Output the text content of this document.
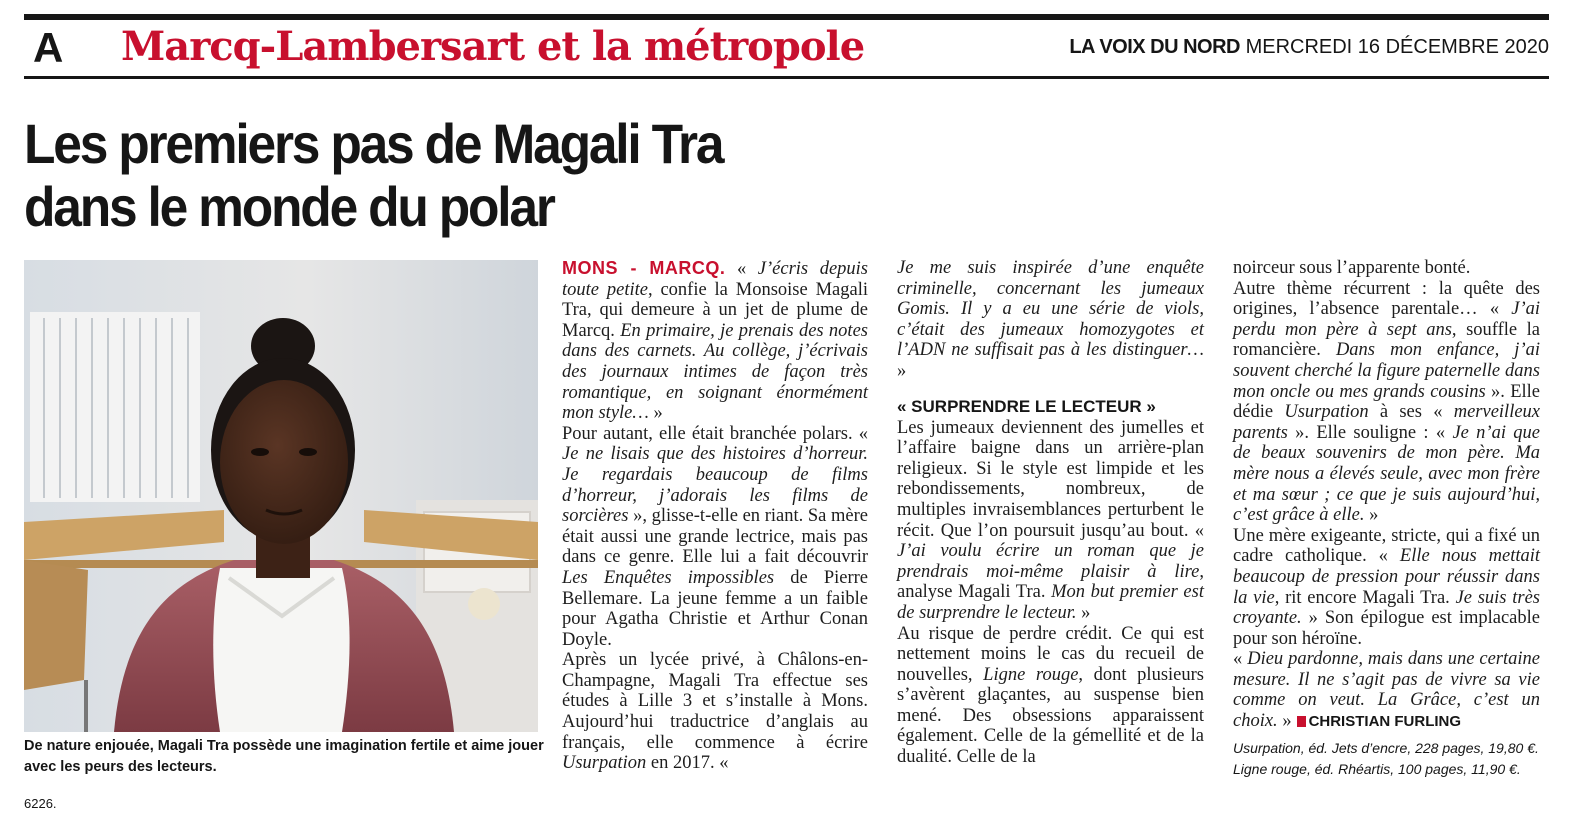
A Marcq-Lambersart et la métropole	LA VOIX DU NORD MERCREDI 16 DÉCEMBRE 2020
Les premiers pas de Magali Tra
dans le monde du polar

De nature enjouée, Magali Tra possède une imagination fertile et aime jouer avec les peurs des lecteurs.

MONS - MARCQ. « J’écris depuis toute petite, confie la Monsoise Magali Tra, qui demeure à un jet de plume de Marcq. En primaire, je prenais des notes dans des carnets. Au collège, j’écrivais des journaux intimes de façon très romantique, en soignant énormément mon style… »

Pour autant, elle était branchée polars. « Je ne lisais que des histoires d’horreur. Je regardais beaucoup de films d’horreur, j’adorais les films de sorcières », glisse-t-elle en riant. Sa mère était aussi une grande lectrice, mais pas dans ce genre. Elle lui a fait découvrir Les Enquêtes impossibles de Pierre Bellemare. La jeune femme a un faible pour Agatha Christie et Arthur Conan Doyle.

Après un lycée privé, à Châlons-en-Champagne, Magali Tra effectue ses études à Lille 3 et s’installe à Mons. Aujourd’hui traductrice d’anglais au français, elle commence à écrire Usurpation en 2017. «

Je me suis inspirée d’une enquête criminelle, concernant les jumeaux Gomis. Il y a eu une série de viols, c’était des jumeaux homozygotes et l’ADN ne suffisait pas à les distinguer… »

« SURPRENDRE LE LECTEUR »

Les jumeaux deviennent des jumelles et l’affaire baigne dans un arrière-plan religieux. Si le style est limpide et les rebondissements, nombreux, de multiples invraisemblances perturbent le récit. Que l’on poursuit jusqu’au bout. « J’ai voulu écrire un roman que je prendrais moi-même plaisir à lire, analyse Magali Tra. Mon but premier est de surprendre le lecteur. »

Au risque de perdre crédit. Ce qui est nettement moins le cas du recueil de nouvelles, Ligne rouge, dont plusieurs s’avèrent glaçantes, au suspense bien mené. Des obsessions apparaissent également. Celle de la gémellité et de la dualité. Celle de la

noirceur sous l’apparente bonté.

Autre thème récurrent : la quête des origines, l’absence parentale… « J’ai perdu mon père à sept ans, souffle la romancière. Dans mon enfance, j’ai souvent cherché la figure paternelle dans mon oncle ou mes grands cousins ». Elle dédie Usurpation à ses « merveilleux parents ». Elle souligne : « Je n’ai que de beaux souvenirs de mon père. Ma mère nous a élevés seule, avec mon frère et ma sœur ; ce que je suis aujourd’hui, c’est grâce à elle. »

Une mère exigeante, stricte, qui a fixé un cadre catholique. « Elle nous mettait beaucoup de pression pour réussir dans la vie, rit encore Magali Tra. Je suis très croyante. » Son épilogue est implacable pour son héroïne.

« Dieu pardonne, mais dans une certaine mesure. Il ne s’agit pas de vivre sa vie comme on veut. La Grâce, c’est un choix. » CHRISTIAN FURLING

Usurpation, éd. Jets d’encre, 228 pages, 19,80 €.
Ligne rouge, éd. Rhéartis, 100 pages, 11,90 €.
6226.
